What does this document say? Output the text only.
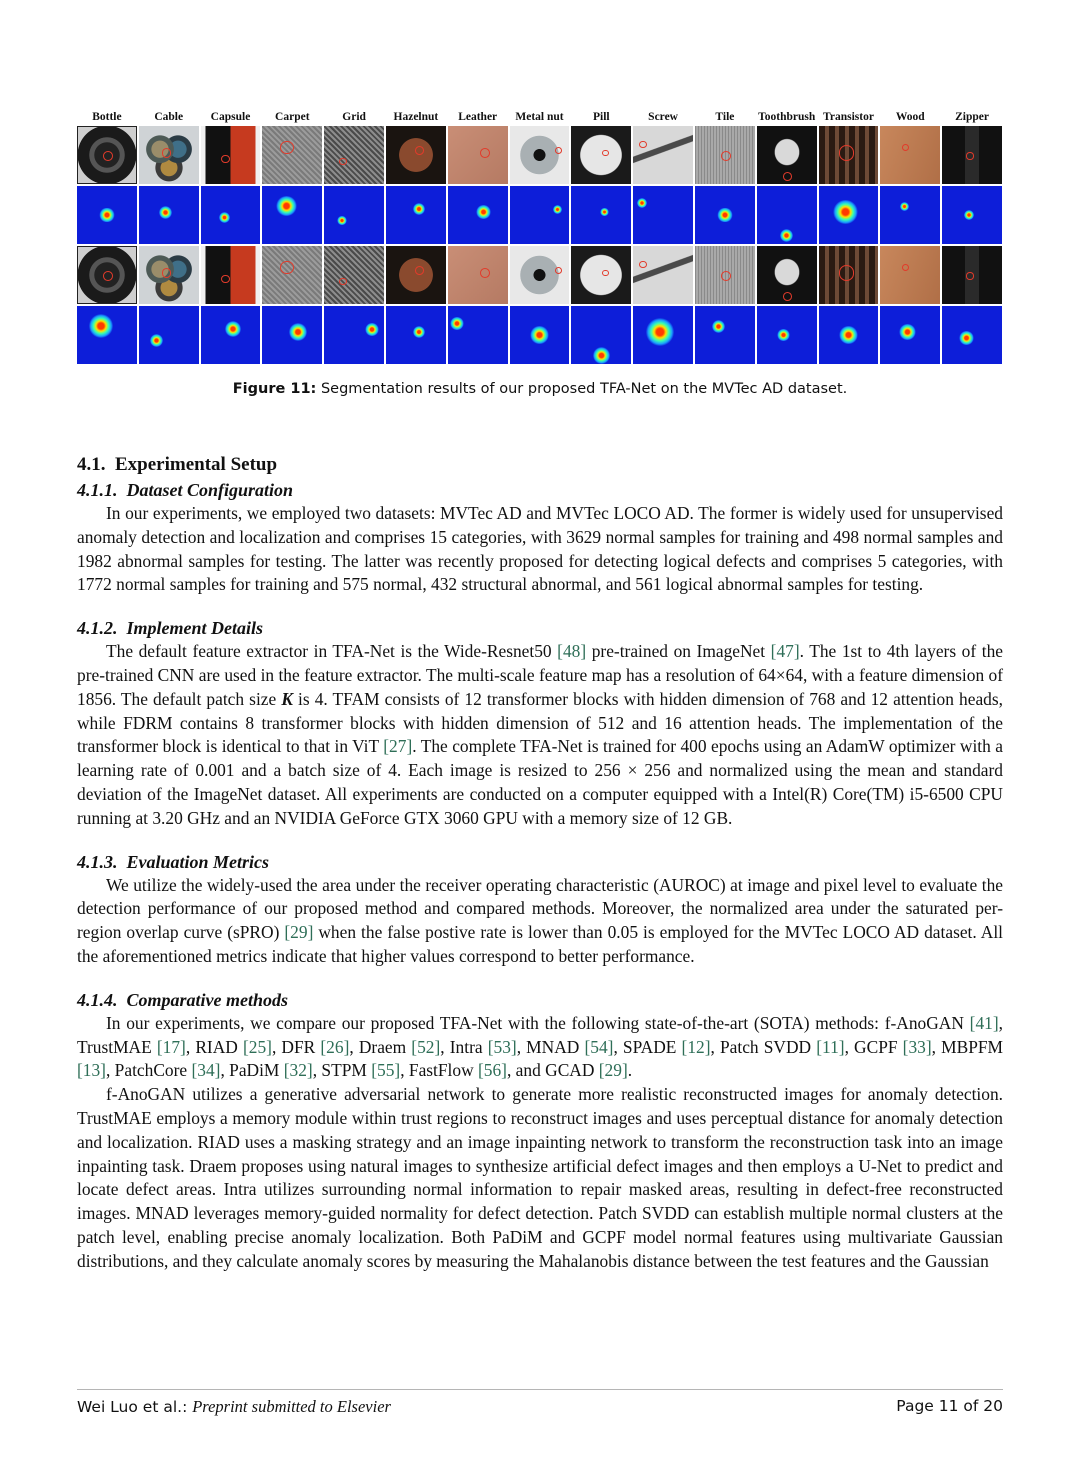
Bottle	Cable	Capsule	Carpet	Grid	Hazelnut	Leather	Metal nut	Pill	Screw	Tile	Toothbrush Transistor	Wood	Zipper
Figure 11: Segmentation results of our proposed TFA-Net on the MVTec AD dataset.
4.1. Experimental Setup
4.1.1. Dataset Configuration

In our experiments, we employed two datasets: MVTec AD and MVTec LOCO AD. The former is widely used for unsupervised anomaly detection and localization and comprises 15 categories, with 3629 normal samples for training and 498 normal samples and 1982 abnormal samples for testing. The latter was recently proposed for detecting logical defects and comprises 5 categories, with 1772 normal samples for training and 575 normal, 432 structural abnormal, and 561 logical abnormal samples for testing.

4.1.2. Implement Details

The default feature extractor in TFA-Net is the Wide-Resnet50 [48] pre-trained on ImageNet [47]. The 1st to 4th layers of the pre-trained CNN are used in the feature extractor. The multi-scale feature map has a resolution of 64×64, with a feature dimension of 1856. The default patch size K is 4. TFAM consists of 12 transformer blocks with hidden dimension of 768 and 12 attention heads, while FDRM contains 8 transformer blocks with hidden dimension of 512 and 16 attention heads. The implementation of the transformer block is identical to that in ViT [27]. The complete TFA-Net is trained for 400 epochs using an AdamW optimizer with a learning rate of 0.001 and a batch size of 4. Each image is resized to 256 × 256 and normalized using the mean and standard deviation of the ImageNet dataset. All experiments are conducted on a computer equipped with a Intel(R) Core(TM) i5-6500 CPU running at 3.20 GHz and an NVIDIA GeForce GTX 3060 GPU with a memory size of 12 GB.

4.1.3. Evaluation Metrics

We utilize the widely-used the area under the receiver operating characteristic (AUROC) at image and pixel level to evaluate the detection performance of our proposed method and compared methods. Moreover, the normalized area under the saturated per-region overlap curve (sPRO) [29] when the false postive rate is lower than 0.05 is employed for the MVTec LOCO AD dataset. All the aforementioned metrics indicate that higher values correspond to better performance.

4.1.4. Comparative methods

In our experiments, we compare our proposed TFA-Net with the following state-of-the-art (SOTA) methods: f-AnoGAN [41], TrustMAE [17], RIAD [25], DFR [26], Draem [52], Intra [53], MNAD [54], SPADE [12], Patch SVDD [11], GCPF [33], MBPFM [13], PatchCore [34], PaDiM [32], STPM [55], FastFlow [56], and GCAD [29].

f-AnoGAN utilizes a generative adversarial network to generate more realistic reconstructed images for anomaly detection. TrustMAE employs a memory module within trust regions to reconstruct images and uses perceptual distance for anomaly detection and localization. RIAD uses a masking strategy and an image inpainting network to transform the reconstruction task into an image inpainting task. Draem proposes using natural images to synthesize artificial defect images and then employs a U-Net to predict and locate defect areas. Intra utilizes surrounding normal information to repair masked areas, resulting in defect-free reconstructed images. MNAD leverages memory-guided normality for defect detection. Patch SVDD can establish multiple normal clusters at the patch level, enabling precise anomaly localization. Both PaDiM and GCPF model normal features using multivariate Gaussian distributions, and they calculate anomaly scores by measuring the Mahalanobis distance between the test features and the Gaussian

Wei Luo et al.: Preprint submitted to Elsevier	Page 11 of 20
